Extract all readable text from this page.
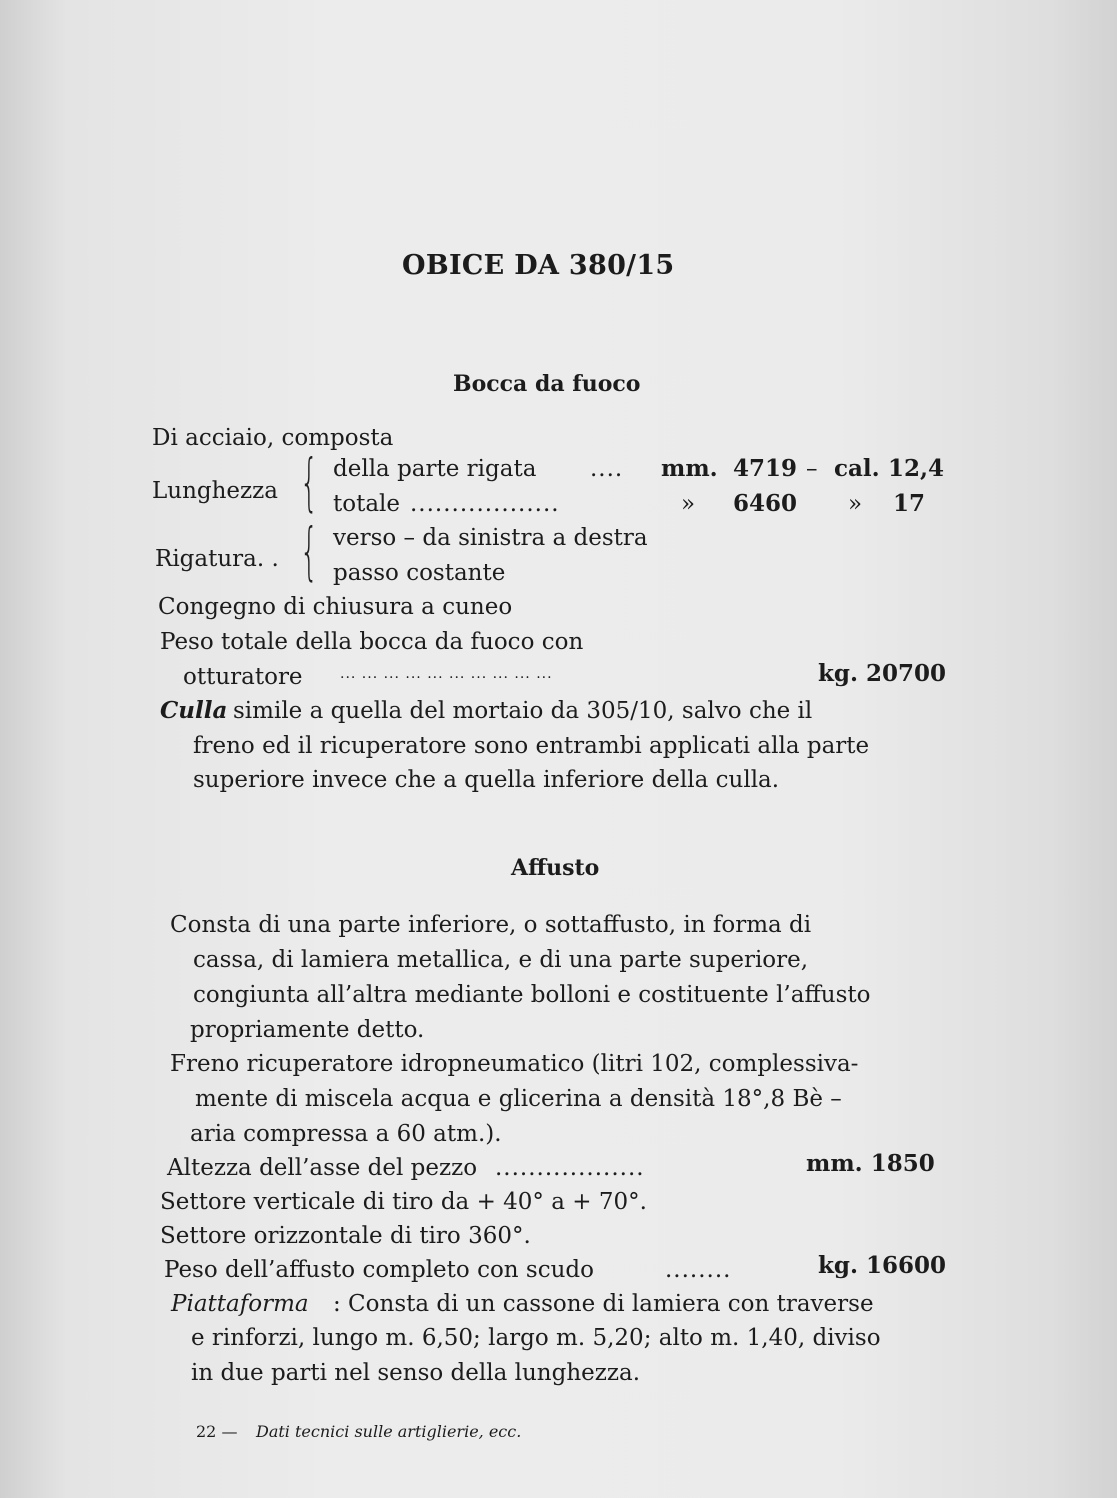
OBICE DA 380/15
Bocca da fuoco
Di acciaio, composta
Lunghezza { della parte rigata .... mm. 4719 – cal. 12,4
totale ..................	» 6460 » 17
Rigatura. . { verso – da sinistra a destra
passo costante
Congegno di chiusura a cuneo
Peso totale della bocca da fuoco con
otturatore	... ... ... ... ... ... ... ... ... ...	kg. 20700
Culla simile a quella del mortaio da 305/10, salvo che il
freno ed il ricuperatore sono entrambi applicati alla parte
superiore invece che a quella inferiore della culla.
Affusto
Consta di una parte inferiore, o sottaffusto, in forma di
cassa, di lamiera metallica, e di una parte superiore,
congiunta all’altra mediante bolloni e costituente l’affusto
propriamente detto.
Freno ricuperatore idropneumatico (litri 102, complessiva-
mente di miscela acqua e glicerina a densità 18°,8 Bè –
aria compressa a 60 atm.).
Altezza dell’asse del pezzo ..................	mm. 1850
Settore verticale di tiro da + 40° a + 70°.
Settore orizzontale di tiro 360°.
Peso dell’affusto completo con scudo	........	kg. 16600
Piattaforma : Consta di un cassone di lamiera con traverse
e rinforzi, lungo m. 6,50; largo m. 5,20; alto m. 1,40, diviso
in due parti nel senso della lunghezza.
22 — Dati tecnici sulle artiglierie, ecc.
